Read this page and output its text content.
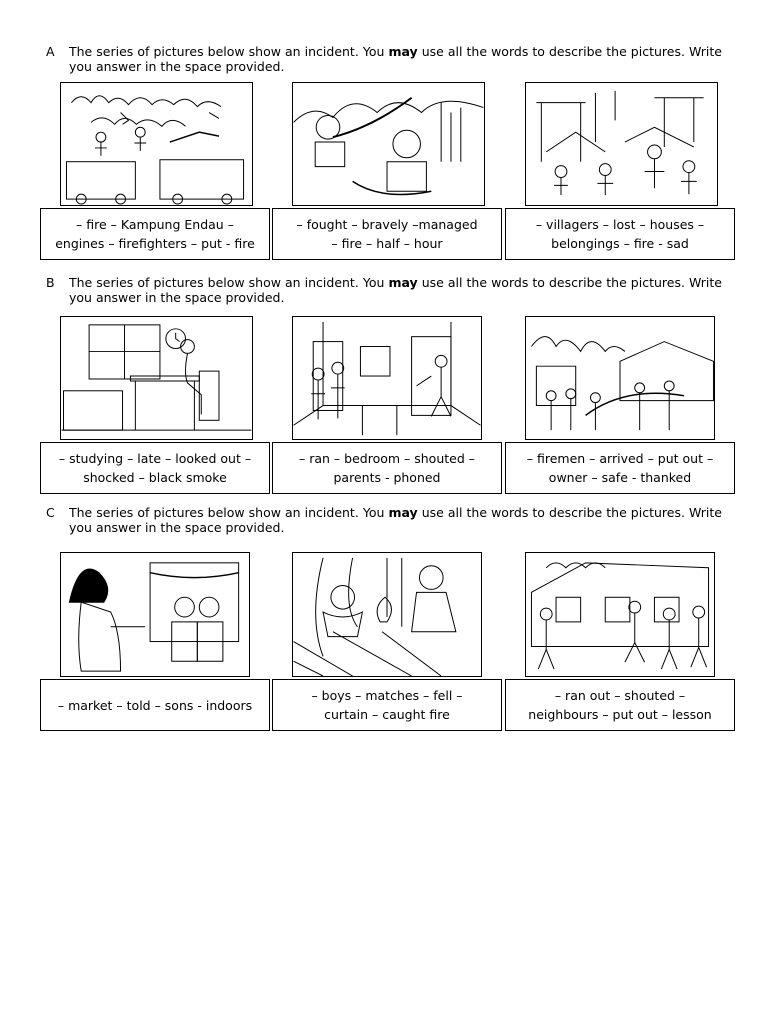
A The series of pictures below show an incident. You may use all the words to describe the pictures. Write you answer in the space provided.
– fire – Kampung Endau –
engines – firefighters – put - fire
– fought – bravely –managed
– fire – half – hour
– villagers – lost – houses –
belongings – fire - sad
B The series of pictures below show an incident. You may use all the words to describe the pictures. Write you answer in the space provided.
– studying – late – looked out –
shocked – black smoke
– ran – bedroom – shouted –
parents - phoned
– firemen – arrived – put out –
owner – safe - thanked
C The series of pictures below show an incident. You may use all the words to describe the pictures. Write you answer in the space provided.
– market – told – sons - indoors
– boys – matches – fell –
curtain – caught fire
– ran out – shouted –
neighbours – put out – lesson
